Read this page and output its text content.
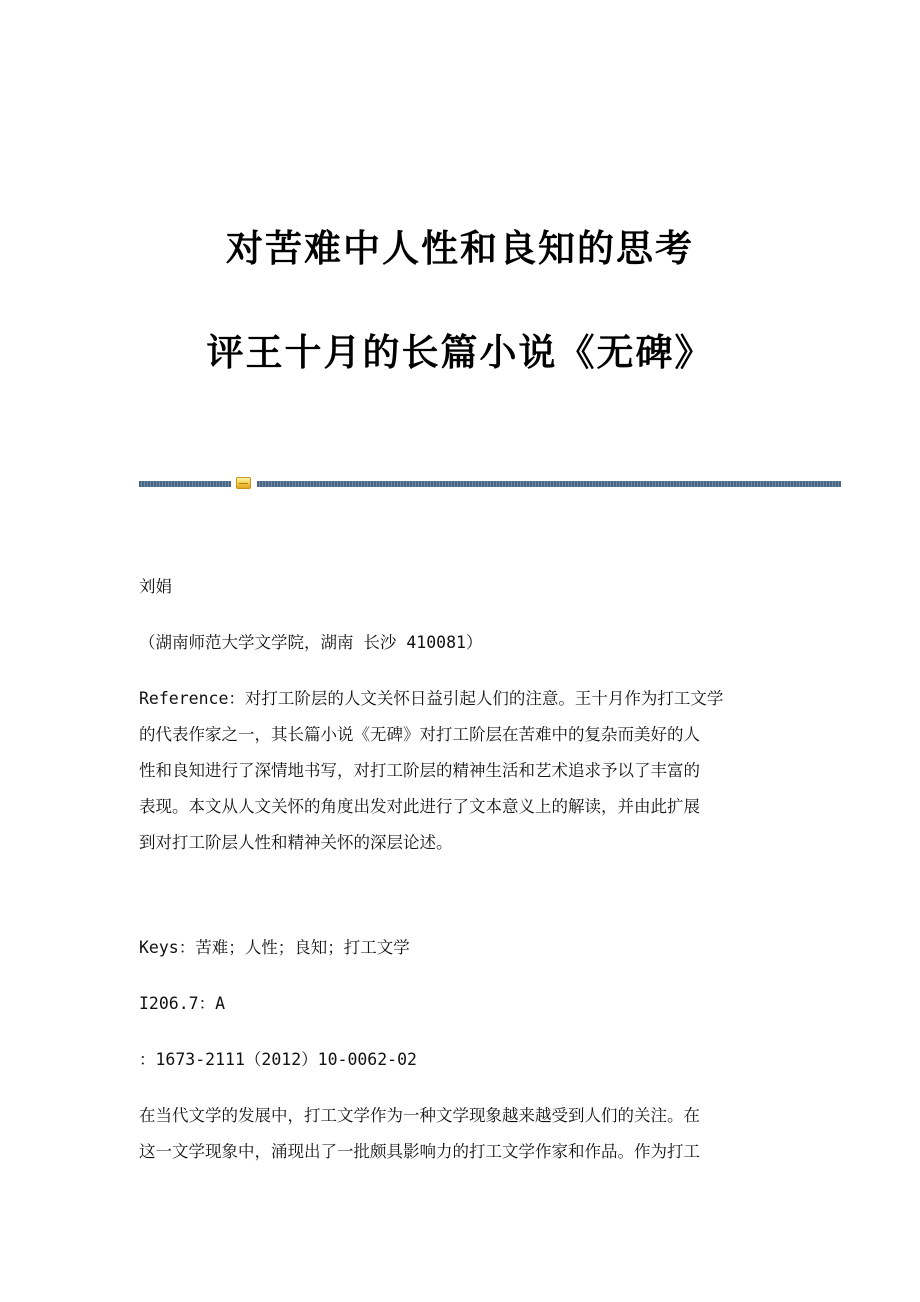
对苦难中人性和良知的思考
评王十月的长篇小说《无碑》

刘娟

（湖南师范大学文学院，湖南 长沙 410081）

Reference：对打工阶层的人文关怀日益引起人们的注意。王十月作为打工文学
的代表作家之一，其长篇小说《无碑》对打工阶层在苦难中的复杂而美好的人
性和良知进行了深情地书写，对打工阶层的精神生活和艺术追求予以了丰富的
表现。本文从人文关怀的角度出发对此进行了文本意义上的解读，并由此扩展
到对打工阶层人性和精神关怀的深层论述。

Keys：苦难；人性；良知；打工文学

I206.7：A

：1673-2111（2012）10-0062-02

在当代文学的发展中，打工文学作为一种文学现象越来越受到人们的关注。在
这一文学现象中，涌现出了一批颇具影响力的打工文学作家和作品。作为打工
